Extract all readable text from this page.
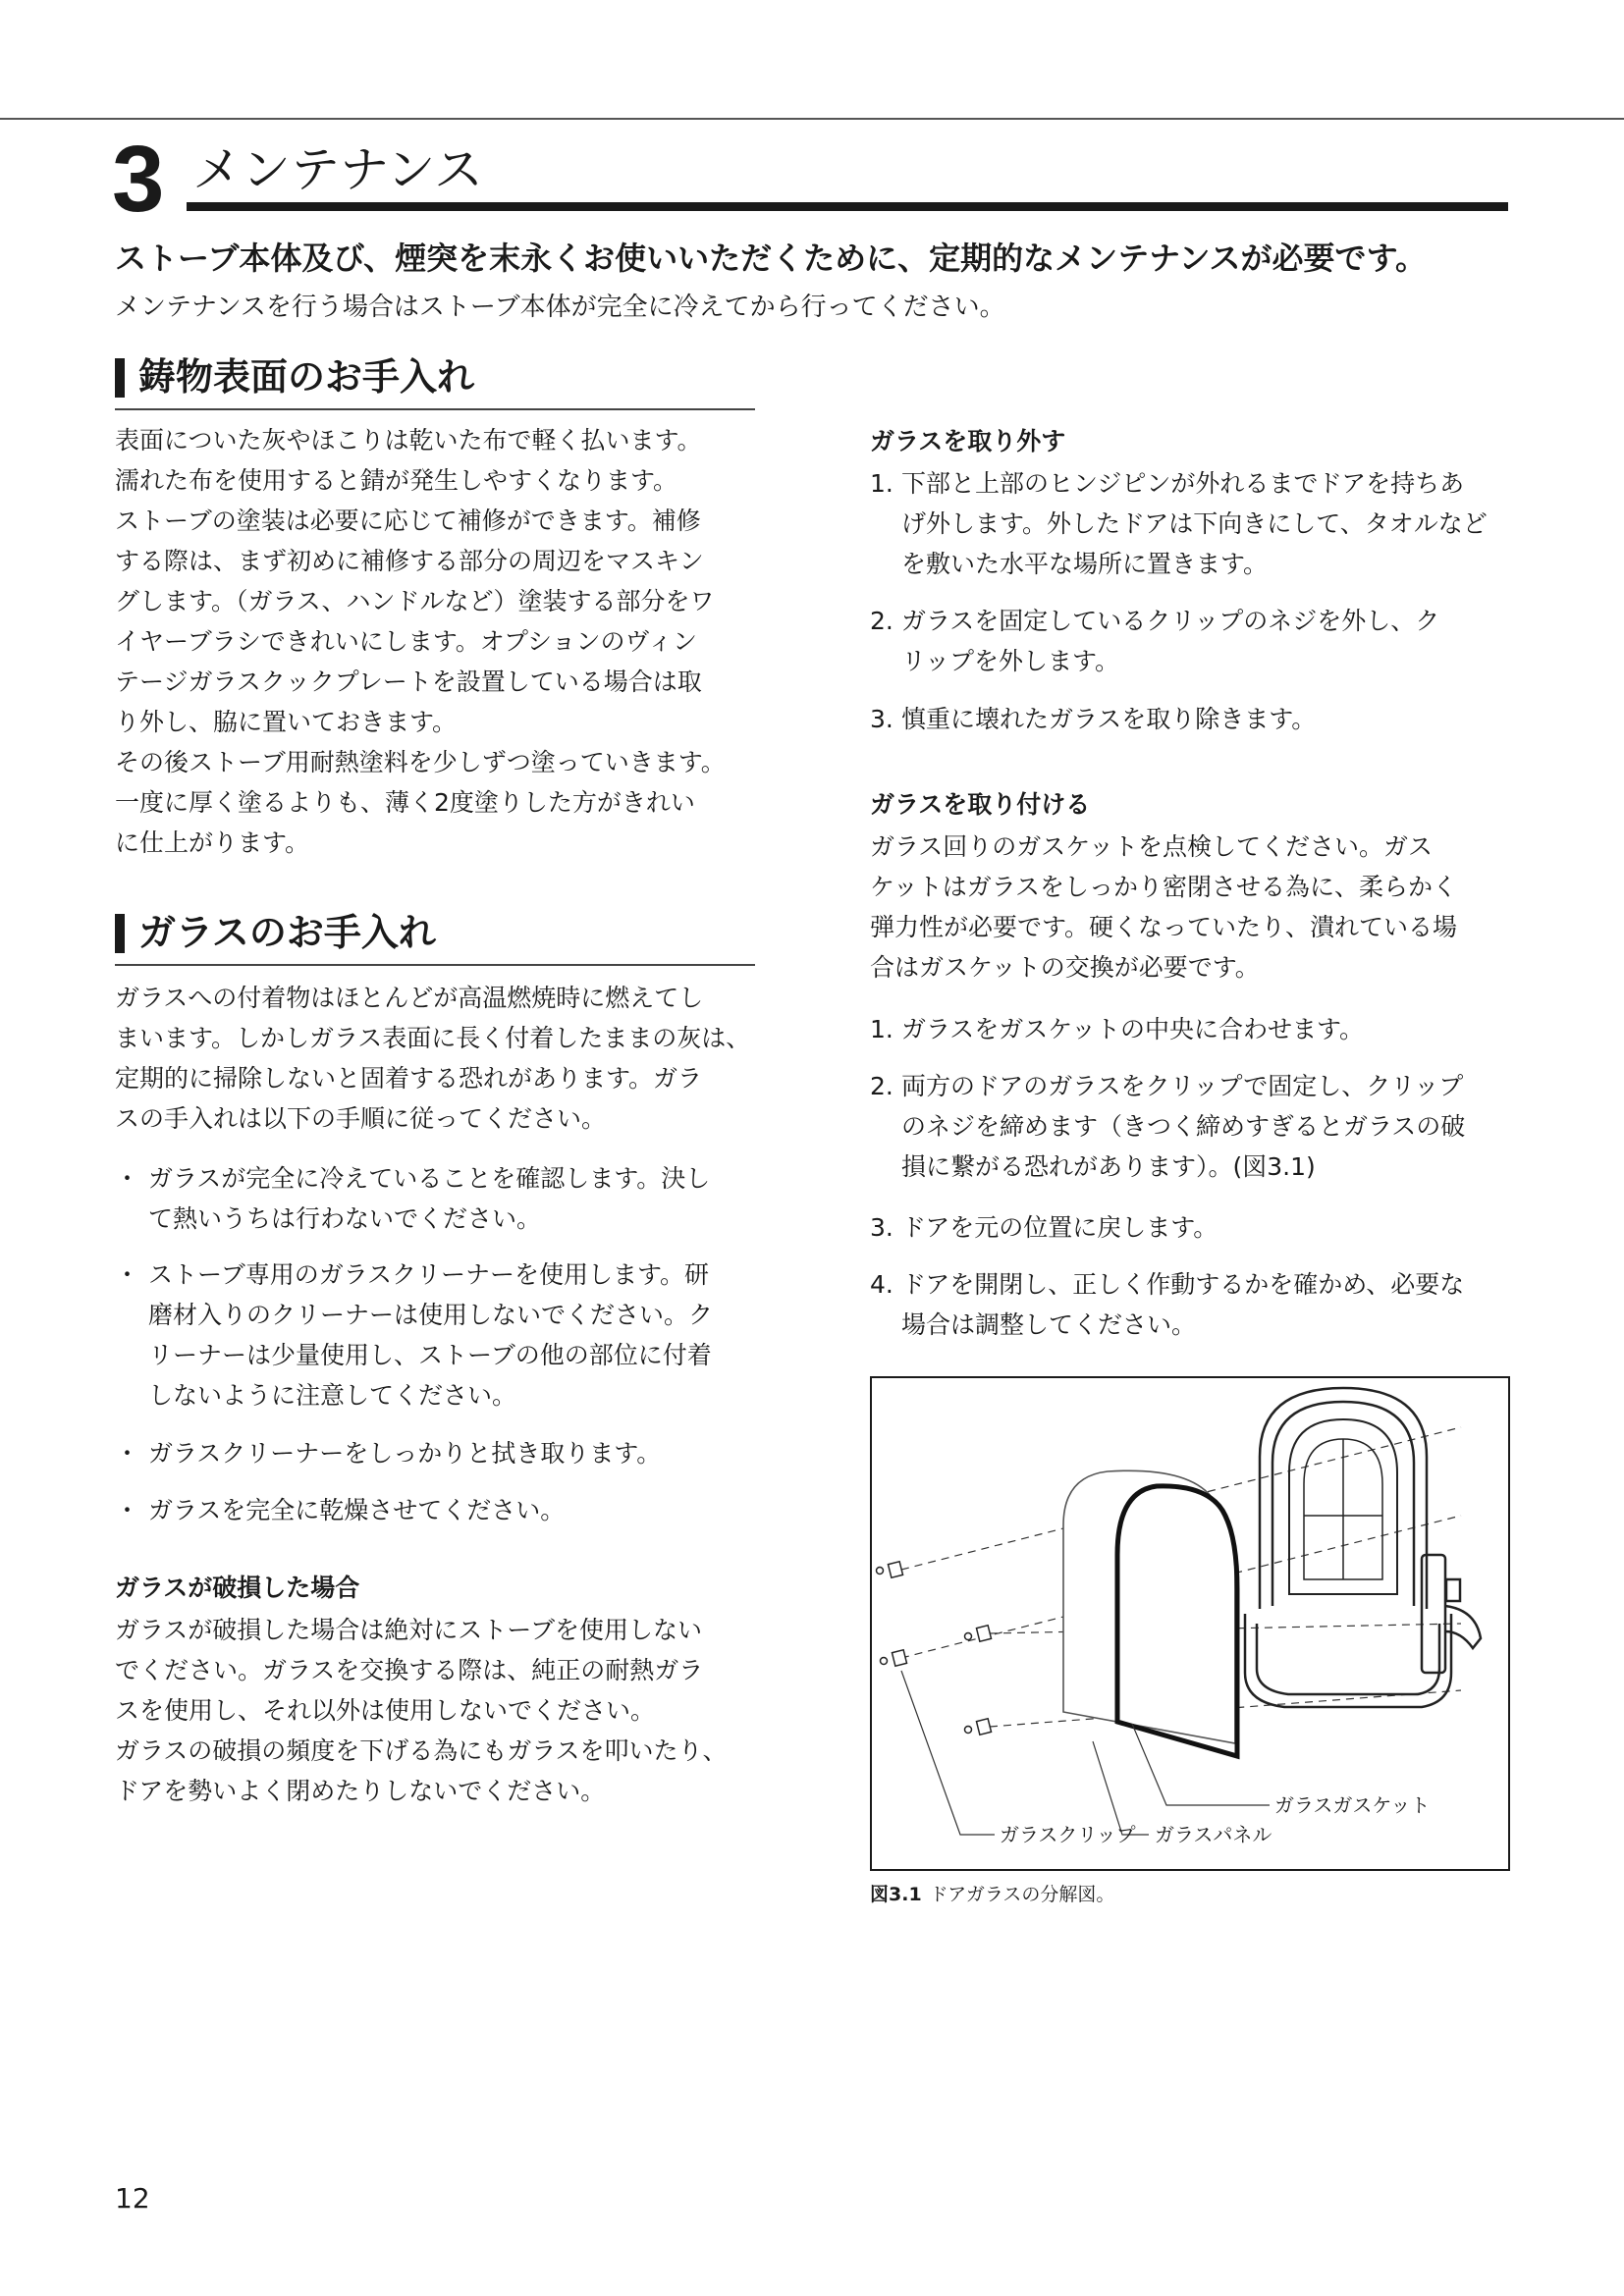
3 メンテナンス
ストーブ本体及び、煙突を末永くお使いいただくために、定期的なメンテナンスが必要です。
メンテナンスを行う場合はストーブ本体が完全に冷えてから行ってください。
鋳物表面のお手入れ
表面についた灰やほこりは乾いた布で軽く払います。
濡れた布を使用すると錆が発生しやすくなります。
ストーブの塗装は必要に応じて補修ができます。補修
する際は、まず初めに補修する部分の周辺をマスキン
グします。（ガラス、ハンドルなど）塗装する部分をワ
イヤーブラシできれいにします。オプションのヴィン
テージガラスクックプレートを設置している場合は取
り外し、脇に置いておきます。
その後ストーブ用耐熱塗料を少しずつ塗っていきます。
一度に厚く塗るよりも、薄く2度塗りした方がきれい
に仕上がります。
ガラスのお手入れ
ガラスへの付着物はほとんどが高温燃焼時に燃えてし
まいます。しかしガラス表面に長く付着したままの灰は、
定期的に掃除しないと固着する恐れがあります。ガラ
スの手入れは以下の手順に従ってください。
・ ガラスが完全に冷えていることを確認します。決し
て熱いうちは行わないでください。
・ ストーブ専用のガラスクリーナーを使用します。研
磨材入りのクリーナーは使用しないでください。ク
リーナーは少量使用し、ストーブの他の部位に付着
しないように注意してください。
・ ガラスクリーナーをしっかりと拭き取ります。
・ ガラスを完全に乾燥させてください。
ガラスが破損した場合
ガラスが破損した場合は絶対にストーブを使用しない
でください。ガラスを交換する際は、純正の耐熱ガラ
スを使用し、それ以外は使用しないでください。
ガラスの破損の頻度を下げる為にもガラスを叩いたり、
ドアを勢いよく閉めたりしないでください。
ガラスを取り外す
1. 下部と上部のヒンジピンが外れるまでドアを持ちあ
げ外します。外したドアは下向きにして、タオルなど
を敷いた水平な場所に置きます。
2. ガラスを固定しているクリップのネジを外し、ク
リップを外します。
3. 慎重に壊れたガラスを取り除きます。
ガラスを取り付ける
ガラス回りのガスケットを点検してください。ガス
ケットはガラスをしっかり密閉させる為に、柔らかく
弾力性が必要です。硬くなっていたり、潰れている場
合はガスケットの交換が必要です。
1. ガラスをガスケットの中央に合わせます。
2. 両方のドアのガラスをクリップで固定し、クリップ
のネジを締めます（きつく締めすぎるとガラスの破
損に繋がる恐れがあります）。(図3.1)
3. ドアを元の位置に戻します。
4. ドアを開閉し、正しく作動するかを確かめ、必要な
場合は調整してください。
ガラスガスケット
ガラスクリップ ガラスパネル
図3.1 ドアガラスの分解図。
12
